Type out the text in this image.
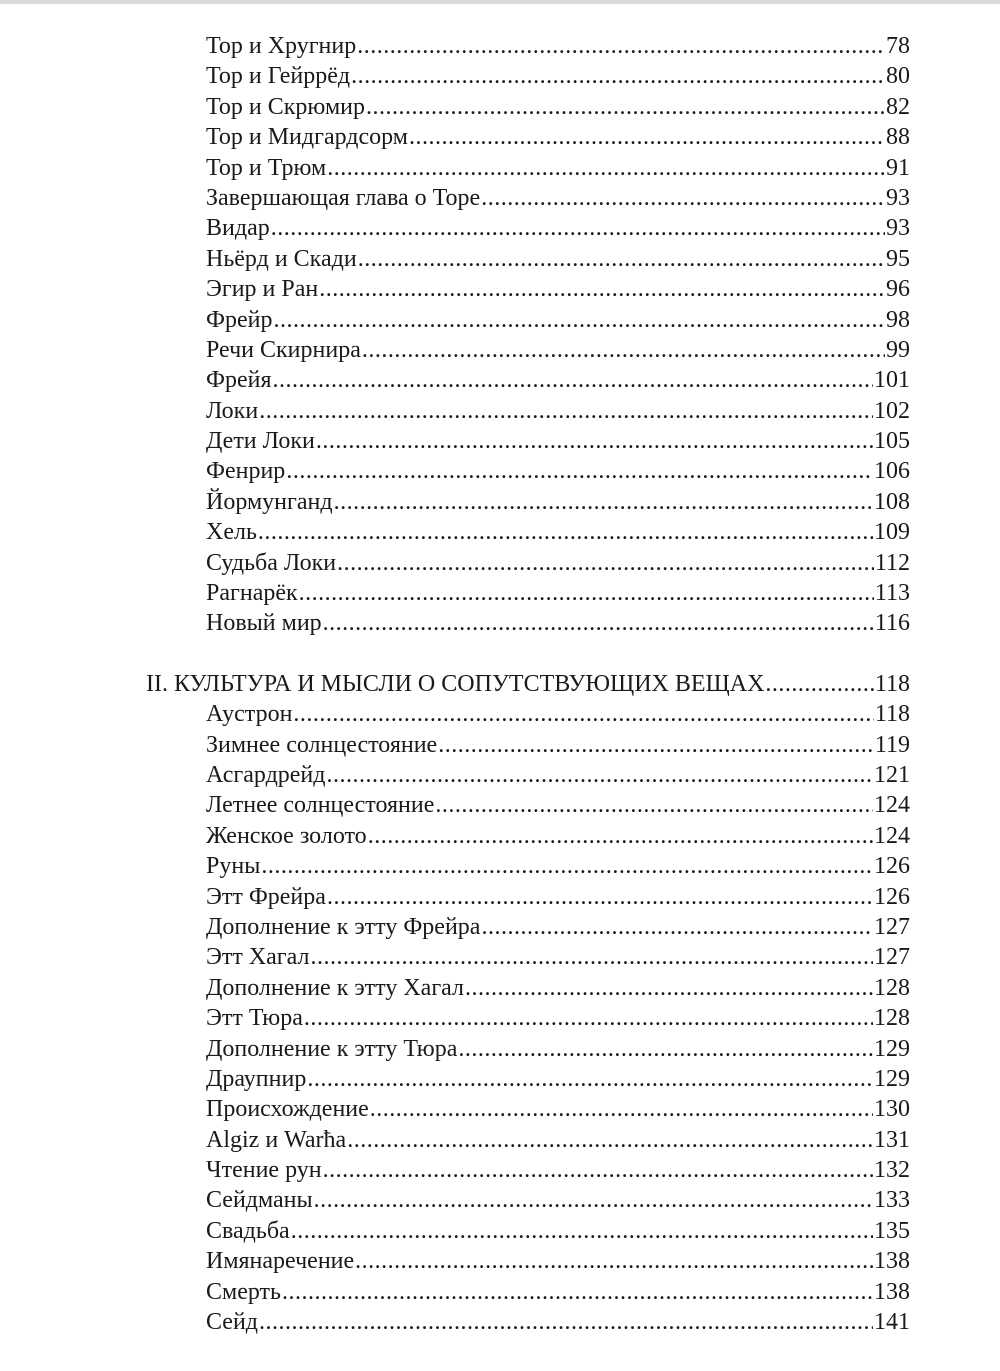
Тор и Хругнир .....	78
Тор и Гейррёд .....	80
Тор и Скрюмир .....	82
Тор и Мидгардсорм .....	88
Тор и Трюм .....	91
Завершающая глава о Торе .....	93
Видар .....	93
Ньёрд и Скади .....	95
Эгир и Ран .....	96
Фрейр .....	98
Речи Скирнира .....	99
Фрейя .....	101
Локи .....	102
Дети Локи .....	105
Фенрир .....	106
Йормунганд .....	108
Хель .....	109
Судьба Локи .....	112
Рагнарёк .....	113
Новый мир .....	116
II. КУЛЬТУРА И МЫСЛИ О СОПУТСТВУЮЩИХ ВЕЩАХ .....	118
Аустрон .....	118
Зимнее солнцестояние .....	119
Асгардрейд .....	121
Летнее солнцестояние .....	124
Женское золото .....	124
Руны .....	126
Этт Фрейра .....	126
Дополнение к этту Фрейра .....	127
Этт Хагал .....	127
Дополнение к этту Хагал .....	128
Этт Тюра .....	128
Дополнение к этту Тюра .....	129
Драупнир .....	129
Происхождение .....	130
Algiz и Warħa .....	131
Чтение рун .....	132
Сейдманы .....	133
Свадьба .....	135
Имянаречение .....	138
Смерть .....	138
Сейд .....	141
